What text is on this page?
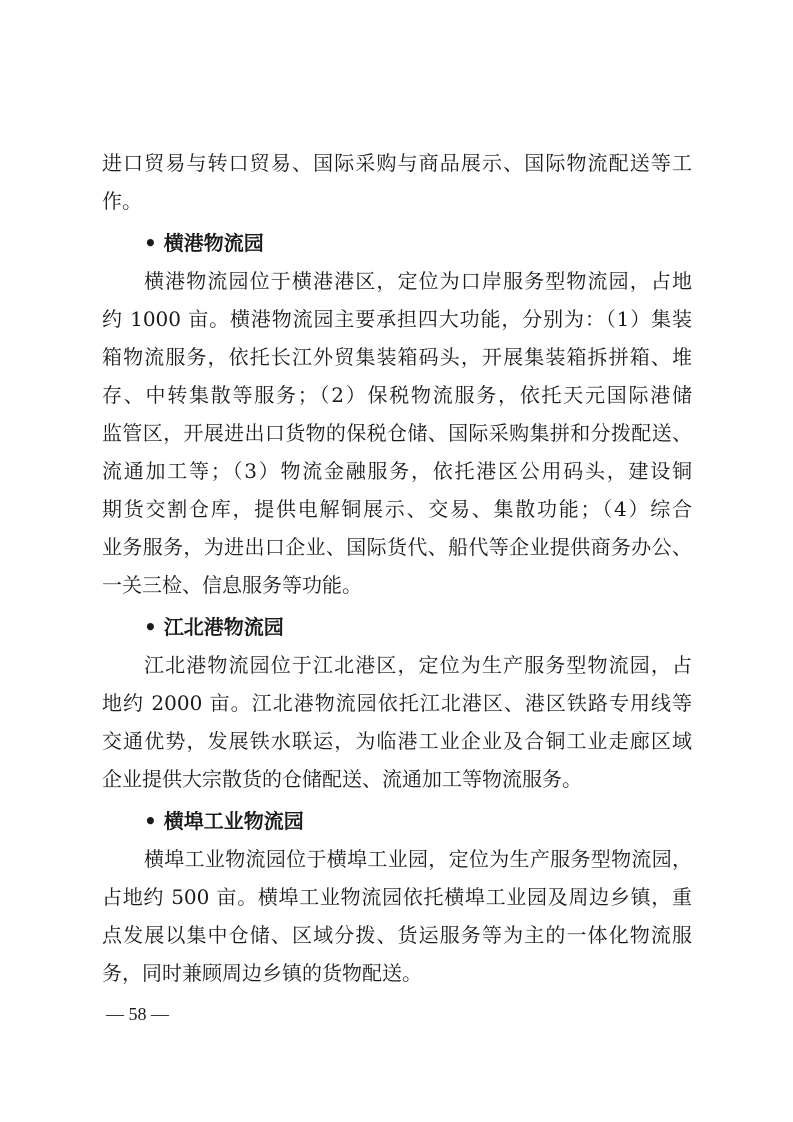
进口贸易与转口贸易、国际采购与商品展示、国际物流配送等工
作。
• 横港物流园
横港物流园位于横港港区，定位为口岸服务型物流园，占地
约 1000 亩。横港物流园主要承担四大功能，分别为：（1）集装
箱物流服务，依托长江外贸集装箱码头，开展集装箱拆拼箱、堆
存、中转集散等服务；（2）保税物流服务，依托天元国际港储
监管区，开展进出口货物的保税仓储、国际采购集拼和分拨配送、
流通加工等；（3）物流金融服务，依托港区公用码头，建设铜
期货交割仓库，提供电解铜展示、交易、集散功能；（4）综合
业务服务，为进出口企业、国际货代、船代等企业提供商务办公、
一关三检、信息服务等功能。
• 江北港物流园
江北港物流园位于江北港区，定位为生产服务型物流园，占
地约 2000 亩。江北港物流园依托江北港区、港区铁路专用线等
交通优势，发展铁水联运，为临港工业企业及合铜工业走廊区域
企业提供大宗散货的仓储配送、流通加工等物流服务。
• 横埠工业物流园
横埠工业物流园位于横埠工业园，定位为生产服务型物流园，
占地约 500 亩。横埠工业物流园依托横埠工业园及周边乡镇，重
点发展以集中仓储、区域分拨、货运服务等为主的一体化物流服
务，同时兼顾周边乡镇的货物配送。
— 58 —
